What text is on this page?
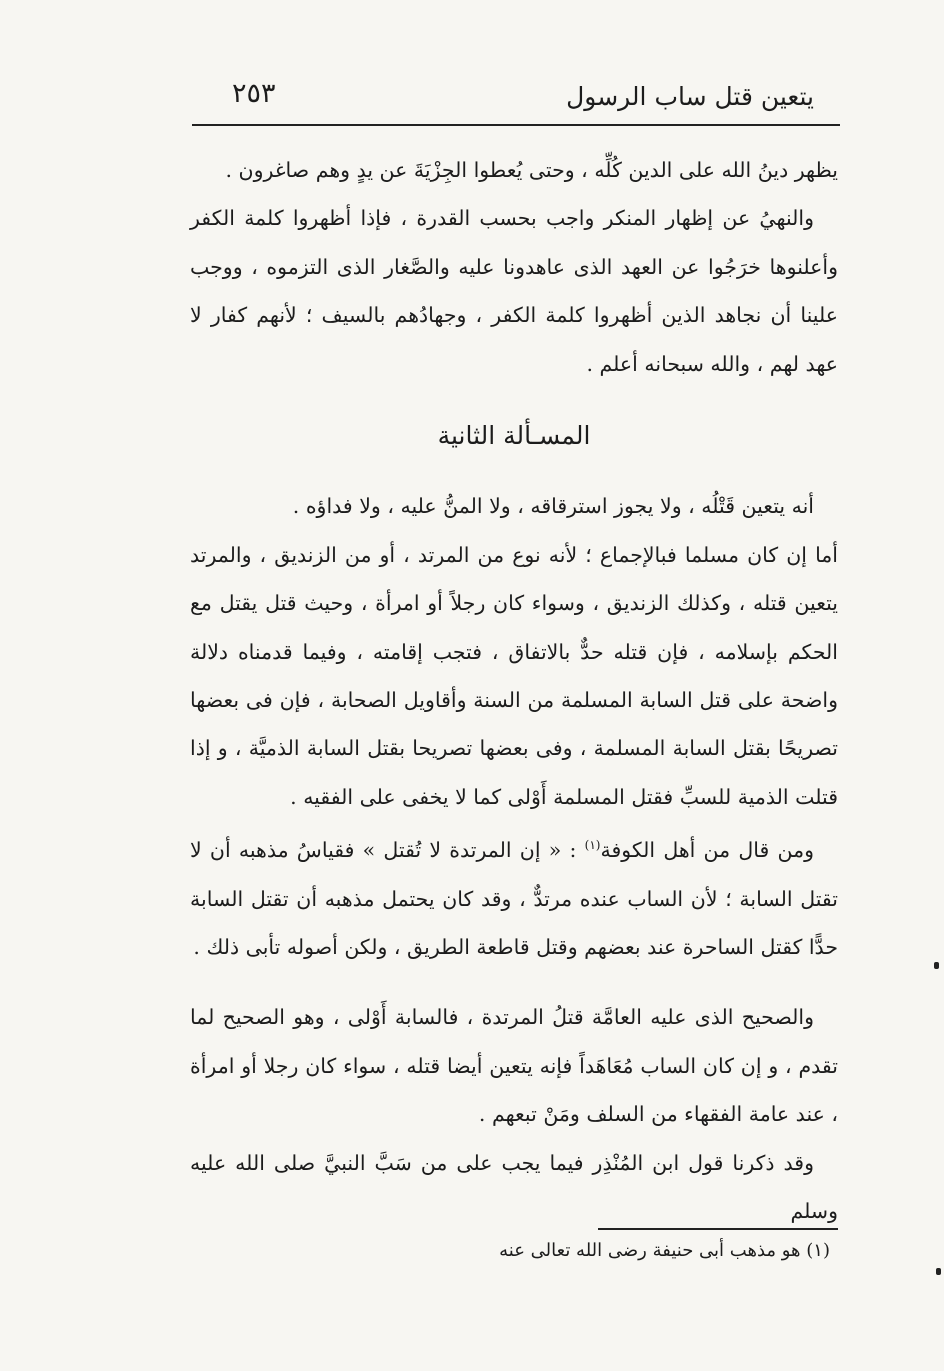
يتعين قتل ساب الرسول
٢٥٣

يظهر دينُ الله على الدين كُلِّه ، وحتى يُعطوا الجِزْيَةَ عن يدٍ وهم صاغرون .

والنهيُ عن إظهار المنكر واجب بحسب القدرة ، فإذا أظهروا كلمة الكفر وأعلنوها خرَجُوا عن العهد الذى عاهدونا عليه والصَّغار الذى التزموه ، ووجب علينا أن نجاهد الذين أظهروا كلمة الكفر ، وجهادُهم بالسيف ؛ لأنهم كفار لا عهد لهم ، والله سبحانه أعلم .

المسـألة الثانية

أنه يتعين قَتْلُه ، ولا يجوز استرقاقه ، ولا المنُّ عليه ، ولا فداؤه .

أما إن كان مسلما فبالإجماع ؛ لأنه نوع من المرتد ، أو من الزنديق ، والمرتد يتعين قتله ، وكذلك الزنديق ، وسواء كان رجلاً أو امرأة ، وحيث قتل يقتل مع الحكم بإسلامه ، فإن قتله حدٌّ بالاتفاق ، فتجب إقامته ، وفيما قدمناه دلالة واضحة على قتل السابة المسلمة من السنة وأقاويل الصحابة ، فإن فى بعضها تصريحًا بقتل السابة المسلمة ، وفى بعضها تصريحا بقتل السابة الذميَّة ، و إذا قتلت الذمية للسبِّ فقتل المسلمة أَوْلى كما لا يخفى على الفقيه .

ومن قال من أهل الكوفة$^{(١)}$ : « إن المرتدة لا تُقتل » فقياسُ مذهبه أن لا تقتل السابة ؛ لأن الساب عنده مرتدٌّ ، وقد كان يحتمل مذهبه أن تقتل السابة حدًّا كقتل الساحرة عند بعضهم وقتل قاطعة الطريق ، ولكن أصوله تأبى ذلك .

والصحيح الذى عليه العامَّة قتلُ المرتدة ، فالسابة أَوْلى ، وهو الصحيح لما تقدم ، و إن كان الساب مُعَاهَداً فإنه يتعين أيضا قتله ، سواء كان رجلا أو امرأة ، عند عامة الفقهاء من السلف ومَنْ تبعهم .

وقد ذكرنا قول ابن المُنْذِر فيما يجب على من سَبَّ النبيَّ صلى الله عليه وسلم

(١) هو مذهب أبى حنيفة رضى الله تعالى عنه
